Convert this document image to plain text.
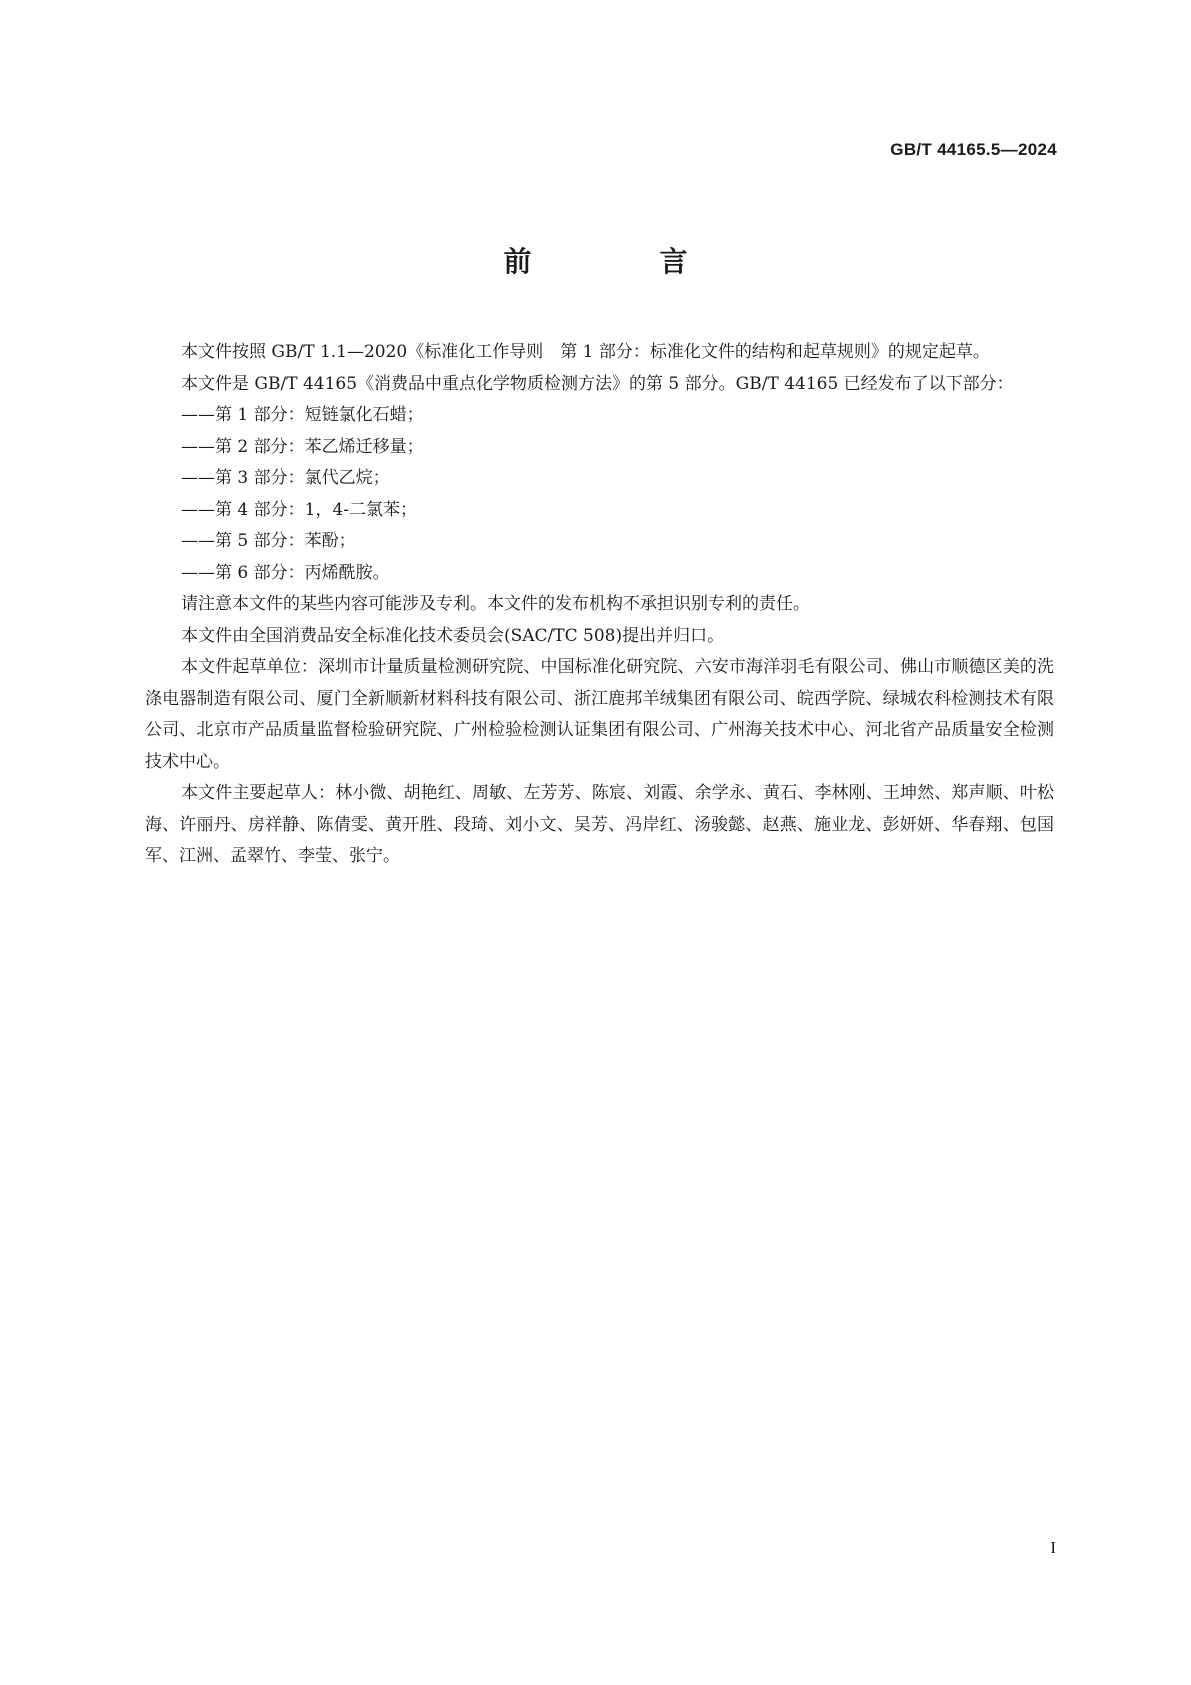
GB/T 44165.5—2024
前　言

本文件按照 GB/T 1.1—2020《标准化工作导则　第 1 部分：标准化文件的结构和起草规则》的规定起草。

本文件是 GB/T 44165《消费品中重点化学物质检测方法》的第 5 部分。GB/T 44165 已经发布了以下部分：

——第 1 部分：短链氯化石蜡；

——第 2 部分：苯乙烯迁移量；

——第 3 部分：氯代乙烷；

——第 4 部分：1，4-二氯苯；

——第 5 部分：苯酚；

——第 6 部分：丙烯酰胺。

请注意本文件的某些内容可能涉及专利。本文件的发布机构不承担识别专利的责任。

本文件由全国消费品安全标准化技术委员会(SAC/TC 508)提出并归口。

本文件起草单位：深圳市计量质量检测研究院、中国标准化研究院、六安市海洋羽毛有限公司、佛山市顺德区美的洗涤电器制造有限公司、厦门全新顺新材料科技有限公司、浙江鹿邦羊绒集团有限公司、皖西学院、绿城农科检测技术有限公司、北京市产品质量监督检验研究院、广州检验检测认证集团有限公司、广州海关技术中心、河北省产品质量安全检测技术中心。

本文件主要起草人：林小微、胡艳红、周敏、左芳芳、陈宸、刘霞、余学永、黄石、李林刚、王坤然、郑声顺、叶松海、许丽丹、房祥静、陈倩雯、黄开胜、段琦、刘小文、吴芳、冯岸红、汤骏懿、赵燕、施业龙、彭妍妍、华春翔、包国军、江洲、孟翠竹、李莹、张宁。

I
